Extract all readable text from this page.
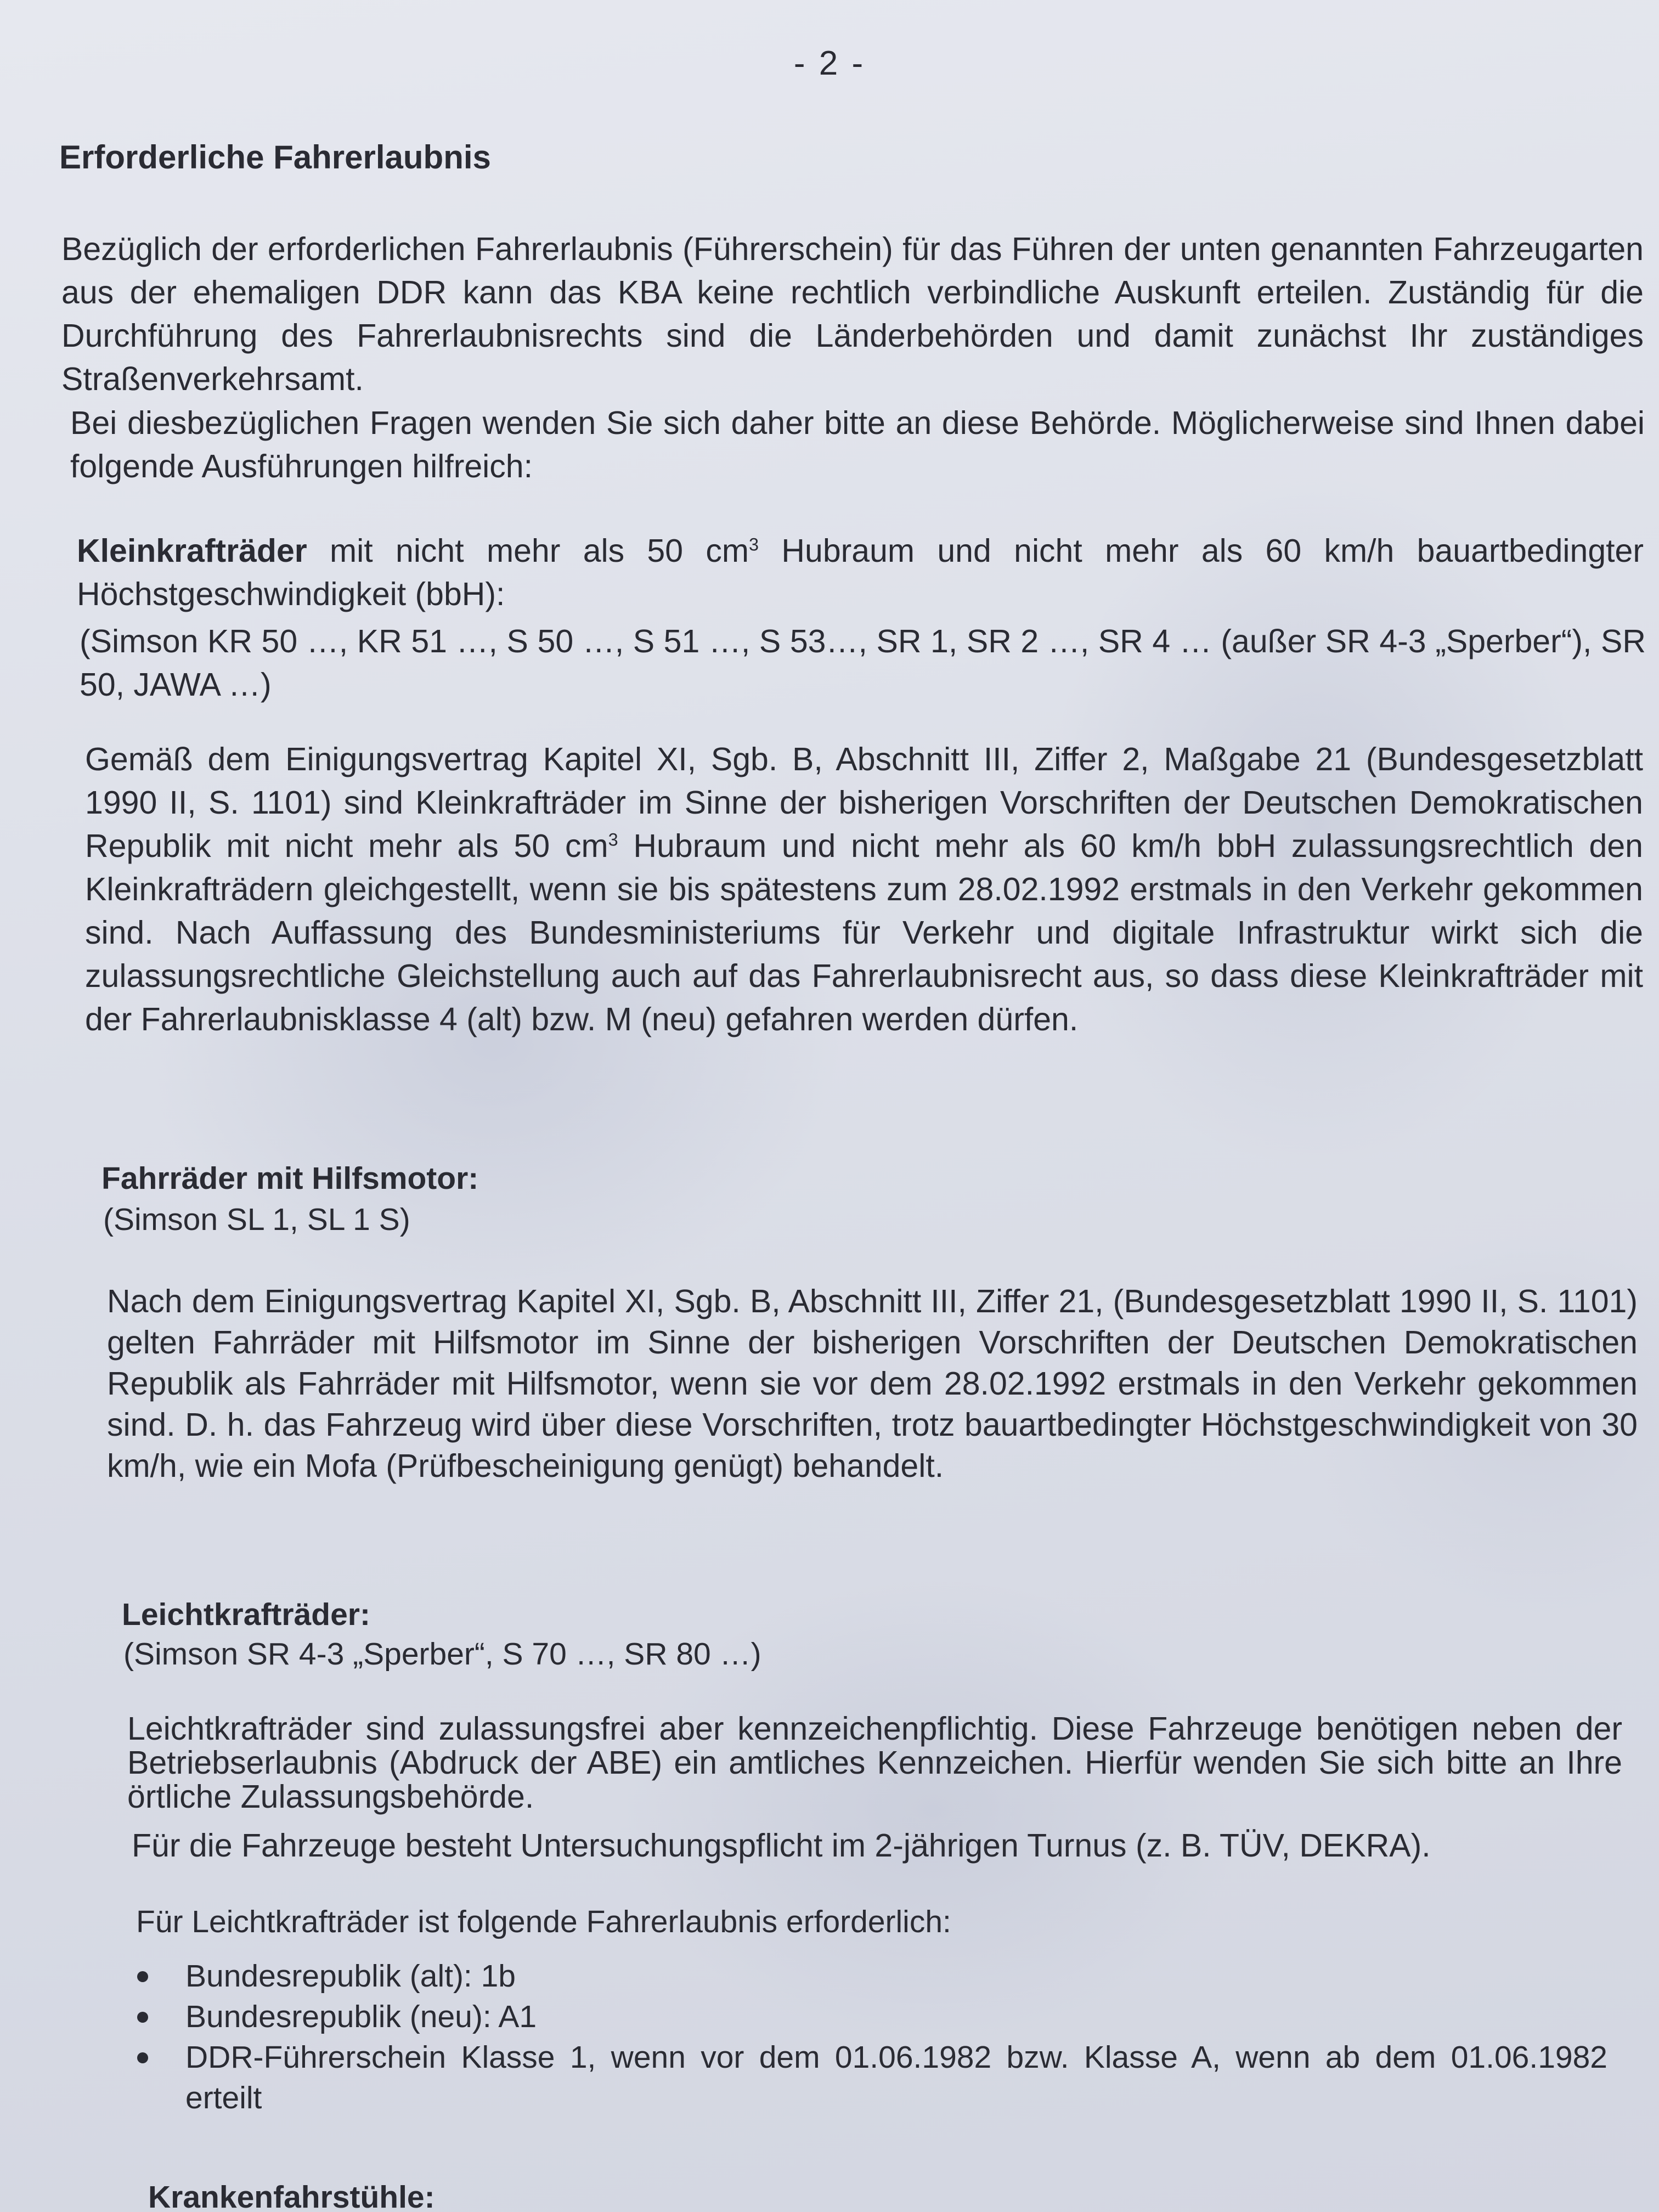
- 2 -
Erforderliche Fahrerlaubnis

Bezüglich der erforderlichen Fahrerlaubnis (Führerschein) für das Führen der unten genannten Fahrzeugarten aus der ehemaligen DDR kann das KBA keine rechtlich verbindliche Auskunft erteilen. Zuständig für die Durchführung des Fahrerlaubnisrechts sind die Länderbehörden und damit zunächst Ihr zuständiges Straßenverkehrsamt.

Bei diesbezüglichen Fragen wenden Sie sich daher bitte an diese Behörde. Möglicherweise sind Ihnen dabei folgende Ausführungen hilfreich:

Kleinkrafträder mit nicht mehr als 50 $cm^3$ Hubraum und nicht mehr als 60 km/h bauartbedingter Höchstgeschwindigkeit (bbH):

(Simson KR 50 …, KR 51 …, S 50 …, S 51 …, S 53…, SR 1, SR 2 …, SR 4 … (außer SR 4-3 „Sperber“), SR 50, JAWA …)

Gemäß dem Einigungsvertrag Kapitel XI, Sgb. B, Abschnitt III, Ziffer 2, Maßgabe 21 (Bundesgesetzblatt 1990 II, S. 1101) sind Kleinkrafträder im Sinne der bisherigen Vorschriften der Deutschen Demokratischen Republik mit nicht mehr als 50 $cm^3$ Hubraum und nicht mehr als 60 km/h bbH zulassungsrechtlich den Kleinkrafträdern gleichgestellt, wenn sie bis spätestens zum 28.02.1992 erstmals in den Verkehr gekommen sind. Nach Auffassung des Bundesministeriums für Verkehr und digitale Infrastruktur wirkt sich die zulassungsrechtliche Gleichstellung auch auf das Fahrerlaubnisrecht aus, so dass diese Kleinkrafträder mit der Fahrerlaubnisklasse 4 (alt) bzw. M (neu) gefahren werden dürfen.

Fahrräder mit Hilfsmotor:

(Simson SL 1, SL 1 S)

Nach dem Einigungsvertrag Kapitel XI, Sgb. B, Abschnitt III, Ziffer 21, (Bundesgesetzblatt 1990 II, S. 1101) gelten Fahrräder mit Hilfsmotor im Sinne der bisherigen Vorschriften der Deutschen Demokratischen Republik als Fahrräder mit Hilfsmotor, wenn sie vor dem 28.02.1992 erstmals in den Verkehr gekommen sind. D. h. das Fahrzeug wird über diese Vorschriften, trotz bauartbedingter Höchstgeschwindigkeit von 30 km/h, wie ein Mofa (Prüfbescheinigung genügt) behandelt.

Leichtkrafträder:

(Simson SR 4-3 „Sperber“, S 70 …, SR 80 …)

Leichtkrafträder sind zulassungsfrei aber kennzeichenpflichtig. Diese Fahrzeuge benötigen neben der Betriebserlaubnis (Abdruck der ABE) ein amtliches Kennzeichen. Hierfür wenden Sie sich bitte an Ihre örtliche Zulassungsbehörde.

Für die Fahrzeuge besteht Untersuchungspflicht im 2-jährigen Turnus (z. B. TÜV, DEKRA).

Für Leichtkrafträder ist folgende Fahrerlaubnis erforderlich:

Bundesrepublik (alt): 1b
Bundesrepublik (neu): A1
DDR-Führerschein Klasse 1, wenn vor dem 01.06.1982 bzw. Klasse A, wenn ab dem 01.06.1982 erteilt

Krankenfahrstühle:
